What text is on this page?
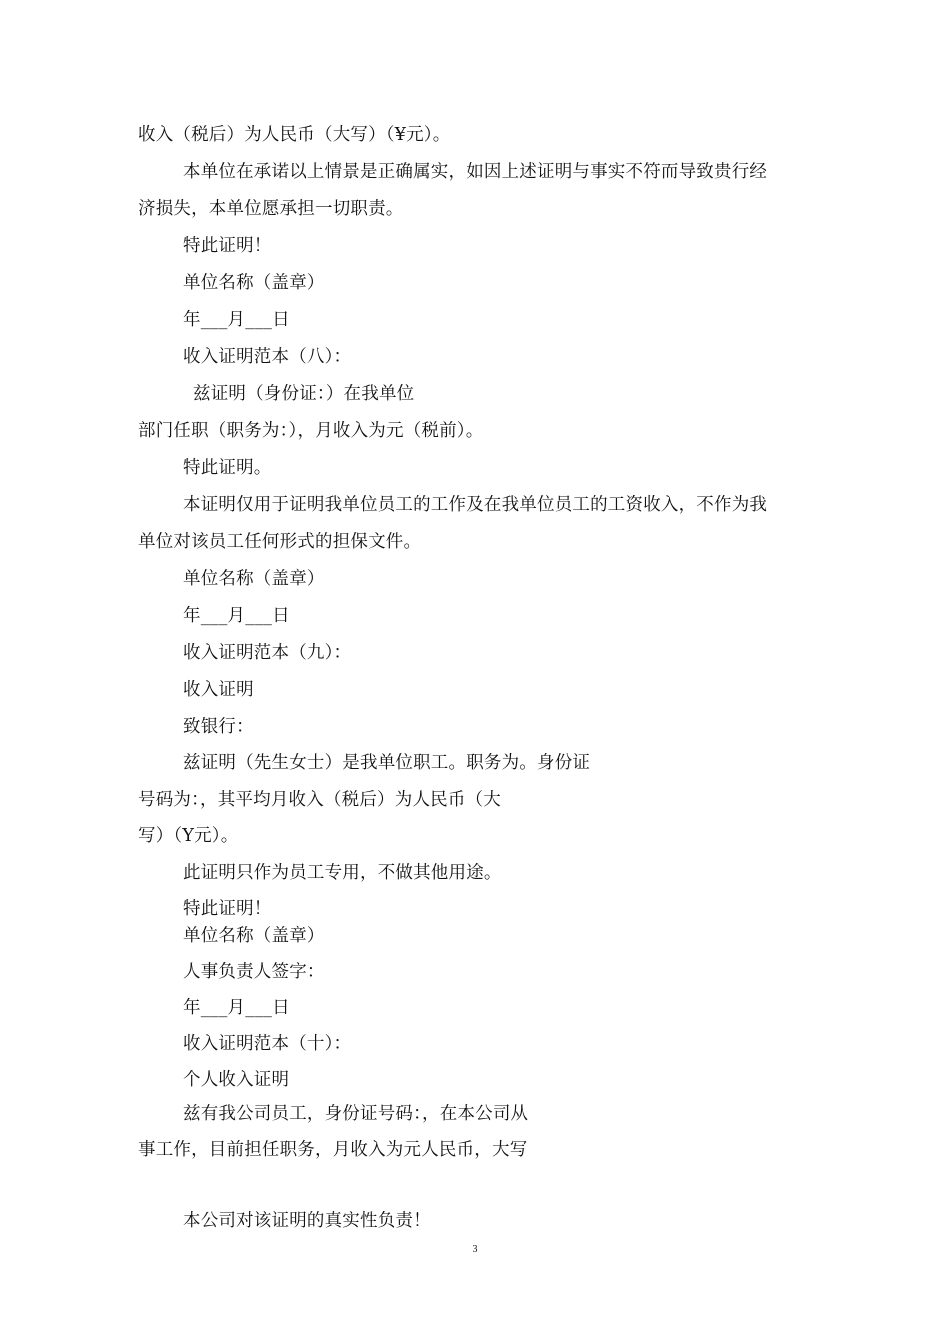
收入（税后）为人民币（大写）（¥元）。

本单位在承诺以上情景是正确属实，如因上述证明与事实不符而导致贵行经

济损失，本单位愿承担一切职责。

特此证明！

单位名称（盖章）

年___月___日

收入证明范本（八）：

兹证明（身份证：）在我单位

部门任职（职务为：），月收入为元（税前）。

特此证明。

本证明仅用于证明我单位员工的工作及在我单位员工的工资收入，不作为我

单位对该员工任何形式的担保文件。

单位名称（盖章）

年___月___日

收入证明范本（九）：

收入证明

致银行：

兹证明（先生女士）是我单位职工。职务为。身份证

号码为：，其平均月收入（税后）为人民币（大

写）（Y元）。

此证明只作为员工专用，不做其他用途。

特此证明！

单位名称（盖章）

人事负责人签字：

年___月___日

收入证明范本（十）：

个人收入证明

兹有我公司员工，身份证号码：，在本公司从

事工作，目前担任职务，月收入为元人民币，大写

本公司对该证明的真实性负责！

3
